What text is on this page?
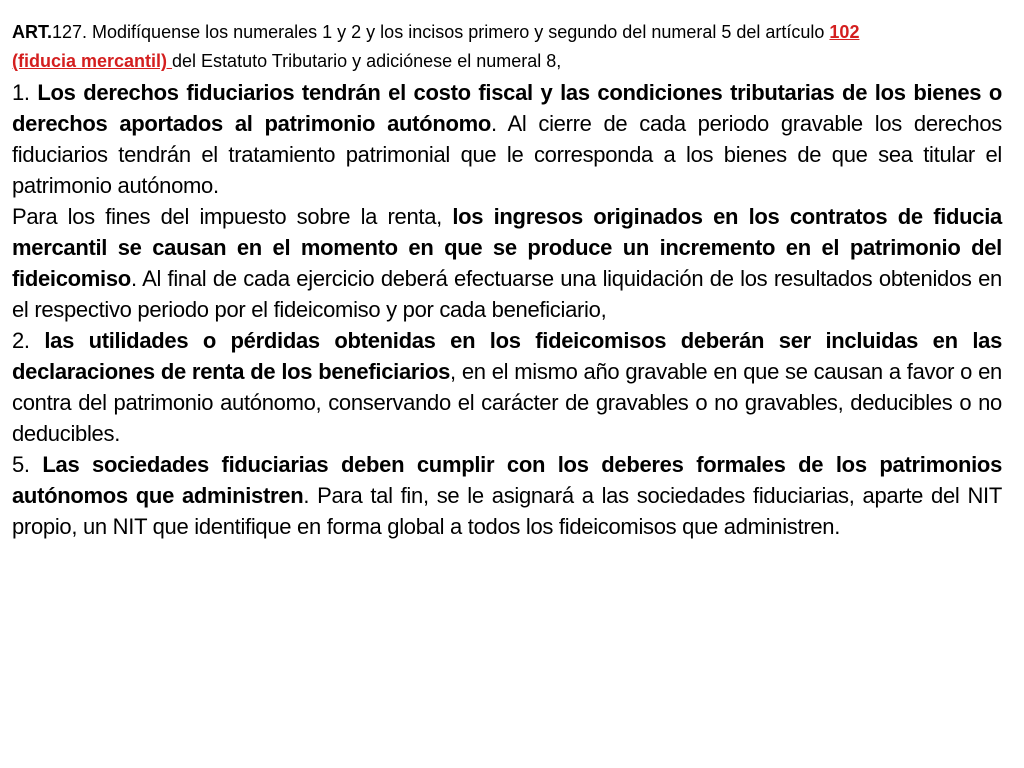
ART.127. Modifíquense los numerales 1 y 2 y los incisos primero y segundo del numeral 5 del artículo 102
(fiducia mercantil) del Estatuto Tributario y adiciónese el numeral 8,

1. Los derechos fiduciarios tendrán el costo fiscal y las condiciones tributarias de los bienes o derechos aportados al patrimonio autónomo. Al cierre de cada periodo gravable los derechos fiduciarios tendrán el tratamiento patrimonial que le corresponda a los bienes de que sea titular el patrimonio autónomo.

Para los fines del impuesto sobre la renta, los ingresos originados en los contratos de fiducia mercantil se causan en el momento en que se produce un incremento en el patrimonio del fideicomiso. Al final de cada ejercicio deberá efectuarse una liquidación de los resultados obtenidos en el respectivo periodo por el fideicomiso y por cada beneficiario,

2. las utilidades o pérdidas obtenidas en los fideicomisos deberán ser incluidas en las declaraciones de renta de los beneficiarios, en el mismo año gravable en que se causan a favor o en contra del patrimonio autónomo, conservando el carácter de gravables o no gravables, deducibles o no deducibles.

5. Las sociedades fiduciarias deben cumplir con los deberes formales de los patrimonios autónomos que administren. Para tal fin, se le asignará a las sociedades fiduciarias, aparte del NIT propio, un NIT que identifique en forma global a todos los fideicomisos que administren.
